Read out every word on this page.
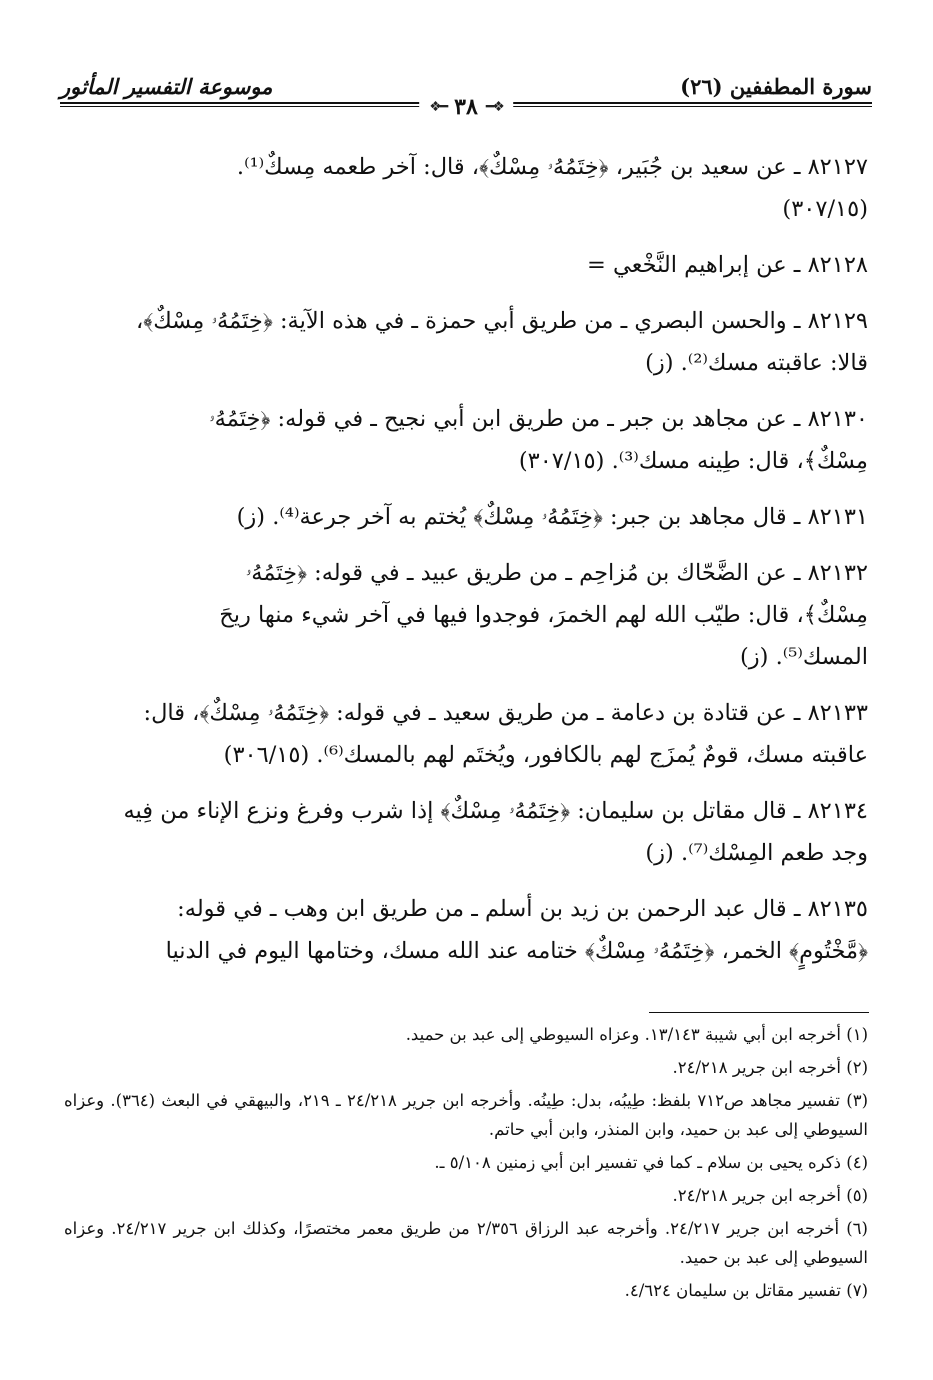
سورة المطففين (٢٦)
موسوعة التفسير المأثور
❖━
٣٨
━❖

٨٢١٢٧ ـ عن سعيد بن جُبَير، ﴿خِتَمُهُۥ مِسْكٌ﴾، قال: آخر طعمه مِسكٌ⁽¹⁾.

(٣٠٧/١٥)

٨٢١٢٨ ـ عن إبراهيم النَّخْعي =

٨٢١٢٩ ـ والحسن البصري ـ من طريق أبي حمزة ـ في هذه الآية: ﴿خِتَمُهُۥ مِسْكٌ﴾،

قالا: عاقبته مسك⁽²⁾. (ز)

٨٢١٣٠ ـ عن مجاهد بن جبر ـ من طريق ابن أبي نجيح ـ في قوله: ﴿خِتَمُهُۥ

مِسْكٌ﴾، قال: طِينه مسك⁽³⁾. (٣٠٧/١٥)

٨٢١٣١ ـ قال مجاهد بن جبر: ﴿خِتَمُهُۥ مِسْكٌ﴾ يُختم به آخر جرعة⁽⁴⁾. (ز)

٨٢١٣٢ ـ عن الضَّحّاك بن مُزاحِم ـ من طريق عبيد ـ في قوله: ﴿خِتَمُهُۥ

مِسْكٌ﴾، قال: طيّب الله لهم الخمرَ، فوجدوا فيها في آخر شيء منها ريحَ

المسك⁽⁵⁾. (ز)

٨٢١٣٣ ـ عن قتادة بن دعامة ـ من طريق سعيد ـ في قوله: ﴿خِتَمُهُۥ مِسْكٌ﴾، قال:

عاقبته مسك، قومٌ يُمزَج لهم بالكافور، ويُختَم لهم بالمسك⁽⁶⁾. (٣٠٦/١٥)

٨٢١٣٤ ـ قال مقاتل بن سليمان: ﴿خِتَمُهُۥ مِسْكٌ﴾ إذا شرب وفرغ ونزع الإناء من فِيه

وجد طعم المِسْك⁽⁷⁾. (ز)

٨٢١٣٥ ـ قال عبد الرحمن بن زيد بن أسلم ـ من طريق ابن وهب ـ في قوله:

﴿مَّخْتُومٍ﴾ الخمر، ﴿خِتَمُهُۥ مِسْكٌ﴾ ختامه عند الله مسك، وختامها اليوم في الدنيا

(١) أخرجه ابن أبي شيبة ١٣/١٤٣. وعزاه السيوطي إلى عبد بن حميد.

(٢) أخرجه ابن جرير ٢٤/٢١٨.

(٣) تفسير مجاهد ص٧١٢ بلفظ: طِيبُه، بدل: طِينُه. وأخرجه ابن جرير ٢٤/٢١٨ ـ ٢١٩، والبيهقي في البعث (٣٦٤). وعزاه السيوطي إلى عبد بن حميد، وابن المنذر، وابن أبي حاتم.

(٤) ذكره يحيى بن سلام ـ كما في تفسير ابن أبي زمنين ٥/١٠٨ ـ.

(٥) أخرجه ابن جرير ٢٤/٢١٨.

(٦) أخرجه ابن جرير ٢٤/٢١٧. وأخرجه عبد الرزاق ٢/٣٥٦ من طريق معمر مختصرًا، وكذلك ابن جرير ٢٤/٢١٧. وعزاه السيوطي إلى عبد بن حميد.

(٧) تفسير مقاتل بن سليمان ٤/٦٢٤.
